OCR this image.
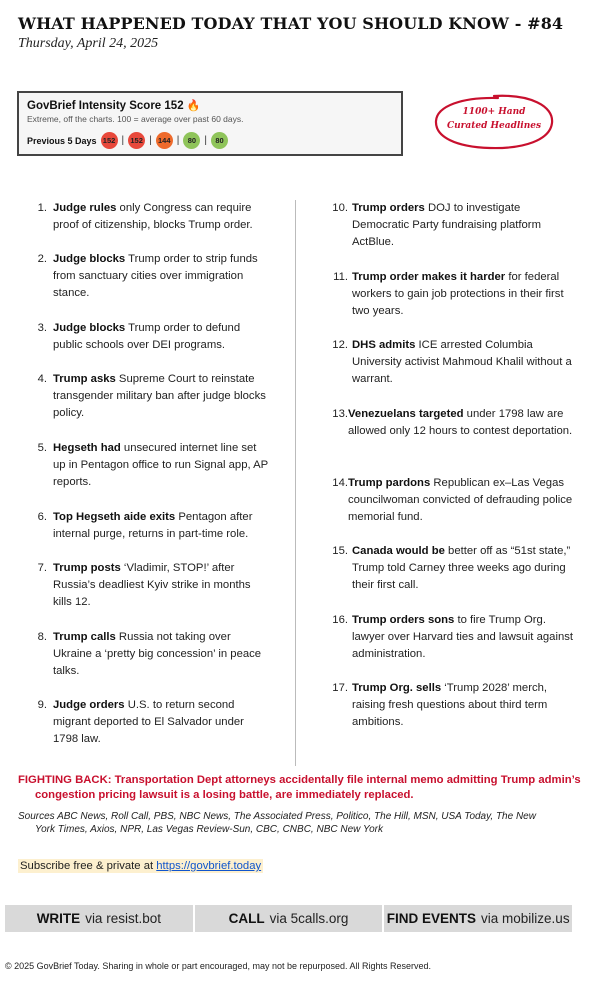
WHAT HAPPENED TODAY THAT YOU SHOULD KNOW - #84
Thursday, April 24, 2025
GovBrief Intensity Score 152 🔥
Extreme, off the charts. 100 = average over past 60 days.
Previous 5 Days 152 | 152 | 144 |	80 |	80
1100+ Hand
Curated Headlines
1. Judge rules only Congress can require proof of citizenship, blocks Trump order.
2. Judge blocks Trump order to strip funds from sanctuary cities over immigration stance.
3. Judge blocks Trump order to defund public schools over DEI programs.
4. Trump asks Supreme Court to reinstate transgender military ban after judge blocks policy.
5. Hegseth had unsecured internet line set up in Pentagon office to run Signal app, AP reports.
6. Top Hegseth aide exits Pentagon after internal purge, returns in part-time role.
7. Trump posts ‘Vladimir, STOP!’ after Russia’s deadliest Kyiv strike in months kills 12.
8. Trump calls Russia not taking over Ukraine a ‘pretty big concession’ in peace talks.
9. Judge orders U.S. to return second migrant deported to El Salvador under 1798 law.
10. Trump orders DOJ to investigate Democratic Party fundraising platform ActBlue.
11. Trump order makes it harder for federal workers to gain job protections in their first two years.
12. DHS admits ICE arrested Columbia University activist Mahmoud Khalil without a warrant.
13. Venezuelans targeted under 1798 law are allowed only 12 hours to contest deportation.
14. Trump pardons Republican ex–Las Vegas councilwoman convicted of defrauding police memorial fund.
15. Canada would be better off as “51st state,” Trump told Carney three weeks ago during their first call.
16. Trump orders sons to fire Trump Org. lawyer over Harvard ties and lawsuit against administration.
17. Trump Org. sells ‘Trump 2028’ merch, raising fresh questions about third term ambitions.
FIGHTING BACK: Transportation Dept attorneys accidentally file internal memo admitting Trump admin’s
congestion pricing lawsuit is a losing battle, are immediately replaced.
Sources ABC News, Roll Call, PBS, NBC News, The Associated Press, Politico, The Hill, MSN, USA Today, The New
York Times, Axios, NPR, Las Vegas Review-Sun, CBC, CNBC, NBC New York
Subscribe free & private at https://govbrief.today
WRITE via resist.bot	CALL via 5calls.org	FIND EVENTS via mobilize.us
© 2025 GovBrief Today. Sharing in whole or part encouraged, may not be repurposed. All Rights Reserved.
